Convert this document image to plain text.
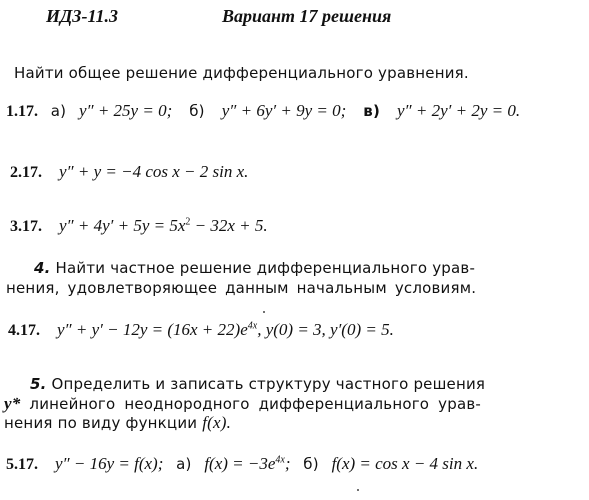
ИДЗ-11.3	Вариант 17 решения
Найти общее решение дифференциального уравнения.
1.17. а) y″ + 25y = 0; б) y″ + 6y′ + 9y = 0; в) y″ + 2y′ + 2y = 0.
2.17. y″ + y = −4 cos x − 2 sin x.
3.17. $y'' + 4y' + 5y = 5x^2 - 32x + 5$.
4. Найти частное решение дифференциального урав-
нения, удовлетворяющее данным начальным условиям.
4.17. $y'' + y' - 12y = (16x + 22)e^{4x}$, y(0) = 3, y′(0) = 5.
5. Определить и записать структуру частного решения
y* линейного неоднородного дифференциального урав-
нения по виду функции f(x).
5.17. y″ − 16y = f(x); а) $f(x) = -3e^{4x}$; б) f(x) = cos x − 4 sin x.
